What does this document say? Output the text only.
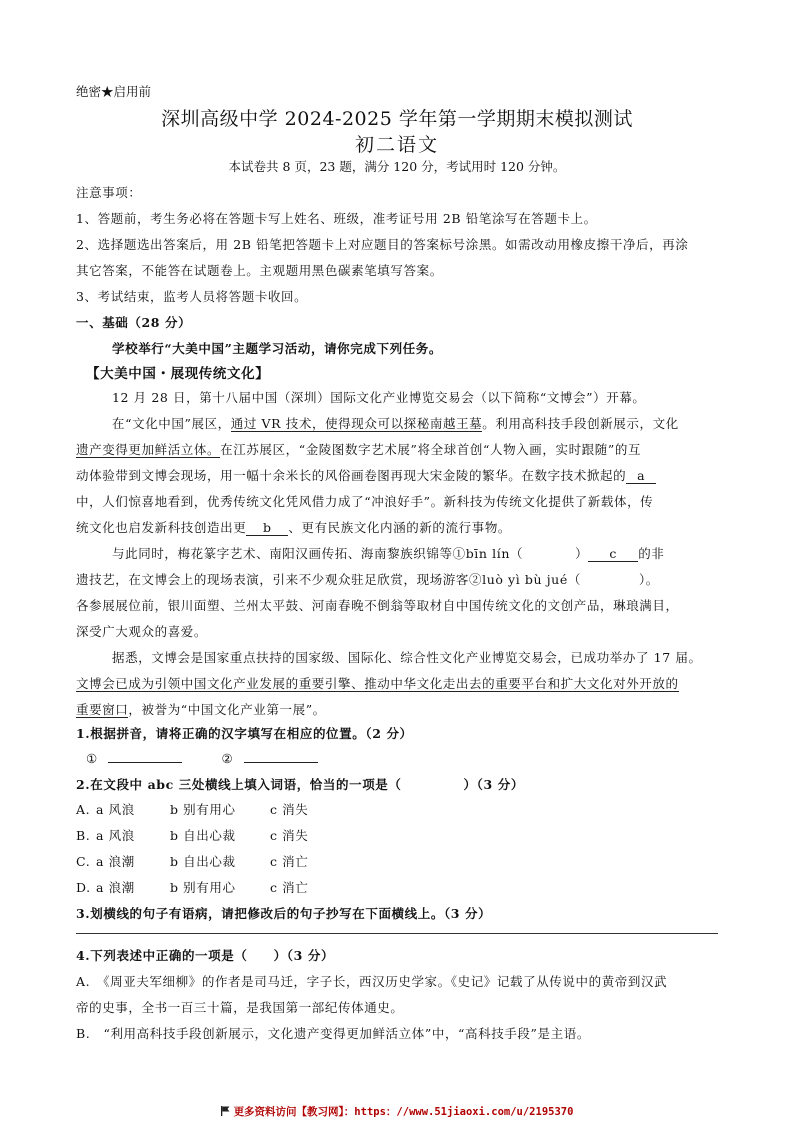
绝密★启用前
深圳高级中学 2024-2025 学年第一学期期末模拟测试
初二语文
本试卷共 8 页，23 题，满分 120 分，考试用时 120 分钟。
注意事项：
1、答题前，考生务必将在答题卡写上姓名、班级，准考证号用 2B 铅笔涂写在答题卡上。
2、选择题选出答案后，用 2B 铅笔把答题卡上对应题目的答案标号涂黑。如需改动用橡皮擦干净后，再涂
其它答案，不能答在试题卷上。主观题用黑色碳素笔填写答案。
3、考试结束，监考人员将答题卡收回。
一、基础（28 分）
学校举行“大美中国”主题学习活动，请你完成下列任务。
【大美中国・展现传统文化】
12 月 28 日，第十八届中国（深圳）国际文化产业博览交易会（以下简称“文博会”）开幕。
在“文化中国”展区，通过 VR 技术，使得现众可以探秘南越王墓。利用高科技手段创新展示，文化
遗产变得更加鲜活立体。在江苏展区，“金陵图数字艺术展”将全球首创“人物入画，实时跟随”的互
动体验带到文博会现场，用一幅十余米长的风俗画卷图再现大宋金陵的繁华。在数字技术掀起的 a
中，人们惊喜地看到，优秀传统文化凭风借力成了“冲浪好手”。新科技为传统文化提供了新载体，传
统文化也启发新科技创造出更 b 、更有民族文化内涵的新的流行事物。
与此同时，梅花篆字艺术、南阳汉画传拓、海南黎族织锦等①bīn lín（	） c 的非
遗技艺，在文博会上的现场表演，引来不少观众驻足欣赏，现场游客②luò yì bù jué（	）。
各参展展位前，银川面塑、兰州太平鼓、河南春晚不倒翁等取材自中国传统文化的文创产品，琳琅满目，
深受广大观众的喜爱。
据悉，文博会是国家重点扶持的国家级、国际化、综合性文化产业博览交易会，已成功举办了 17 届。
文博会已成为引领中国文化产业发展的重要引擎、推动中华文化走出去的重要平台和扩大文化对外开放的
重要窗口，被誉为“中国文化产业第一展”。
1.根据拼音，请将正确的汉字填写在相应的位置。（2 分）
①	②
2.在文段中 abc 三处横线上填入词语，恰当的一项是（	）（3 分）
A. a 风浪	b 别有用心	c 消失
B. a 风浪	b 自出心裁	c 消失
C. a 浪潮	b 自出心裁	c 消亡
D. a 浪潮	b 别有用心	c 消亡
3.划横线的句子有语病，请把修改后的句子抄写在下面横线上。（3 分）
4.下列表述中正确的一项是（　　）（3 分）
A.　《周亚夫军细柳》的作者是司马迁，字子长，西汉历史学家。《史记》记载了从传说中的黄帝到汉武
帝的史事，全书一百三十篇，是我国第一部纪传体通史。
B.　“利用高科技手段创新展示，文化遗产变得更加鲜活立体”中，“高科技手段”是主语。
更多资料访问【教习网】：https：//www.51jiaoxi.com/u/2195370
